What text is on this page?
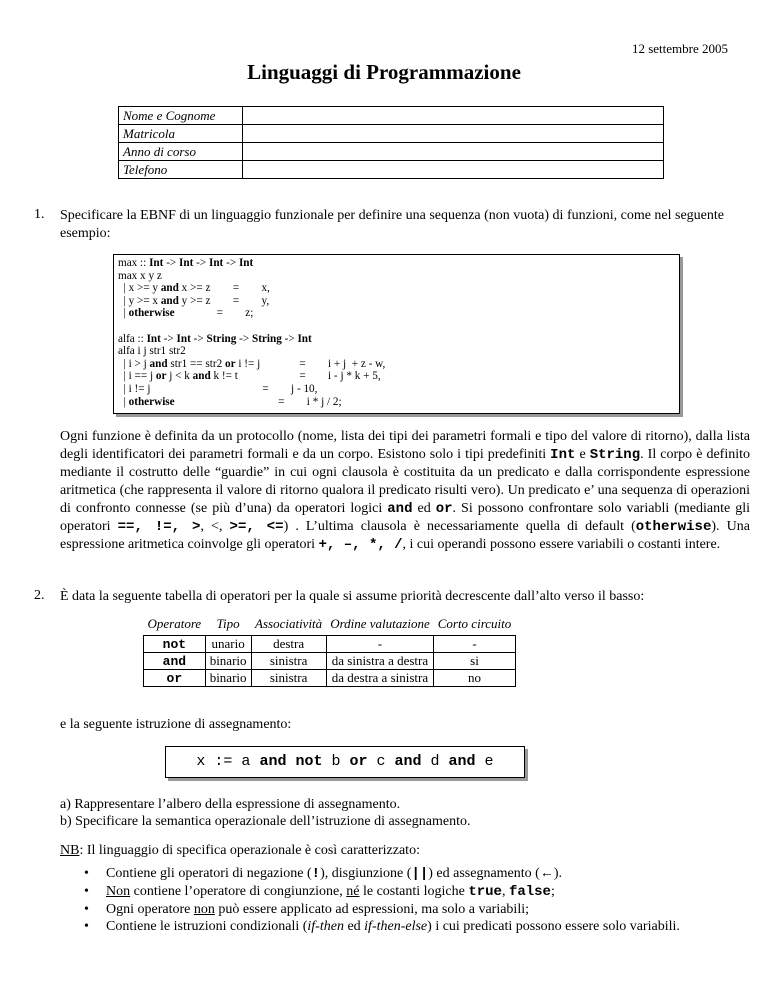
12 settembre 2005
Linguaggi di Programmazione
Nome e Cognome	
Matricola	
Anno di corso	
Telefono	
1. Specificare la EBNF di un linguaggio funzionale per definire una sequenza (non vuota) di funzioni, come nel seguente esempio:
max :: Int -> Int -> Int -> Int
max x y z
| x >= y and x >= z        =        x,
| y >= x and y >= z        =        y,
| otherwise               =        z;
alfa :: Int -> Int -> String -> String -> Int
alfa i j str1 str2
| i > j and str1 == str2 or i != j              =        i + j  + z - w,
| i == j or j < k and k != t                      =        i - j * k + 5,
| i != j                                        =        j - 10,
| otherwise                                     =        i * j / 2;
Ogni funzione è definita da un protocollo (nome, lista dei tipi dei parametri formali e tipo del valore di ritorno), dalla lista degli identificatori dei parametri formali e da un corpo. Esistono solo i tipi predefiniti Int e String. Il corpo è definito mediante il costrutto delle “guardie” in cui ogni clausola è costituita da un predicato e dalla corrispondente espressione aritmetica (che rappresenta il valore di ritorno qualora il predicato risulti vero). Un predicato e’ una sequenza di operazioni di confronto connesse (se più d’una) da operatori logici and ed or. Si possono confrontare solo variabli (mediante gli operatori ==, !=, >, <, >=, <=) . L’ultima clausola è necessariamente quella di default (otherwise). Una espressione aritmetica coinvolge gli operatori +, –, *, /, i cui operandi possono essere variabili o costanti intere.
2. È data la seguente tabella di operatori per la quale si assume priorità decrescente dall’alto verso il basso:
Operatore	Tipo	Associatività	Ordine valutazione	Corto circuito
not	unario	destra	-	-
and	binario	sinistra	da sinistra a destra	si
or	binario	sinistra	da destra a sinistra	no
e la seguente istruzione di assegnamento:
x := a and not b or c and d and e
a) Rappresentare l’albero della espressione di assegnamento.
b) Specificare la semantica operazionale dell’istruzione di assegnamento.
NB: Il linguaggio di specifica operazionale è così caratterizzato:
• Contiene gli operatori di negazione (!), disgiunzione (||) ed assegnamento (←).
• Non contiene l’operatore di congiunzione, né le costanti logiche true, false;
• Ogni operatore non può essere applicato ad espressioni, ma solo a variabili;
• Contiene le istruzioni condizionali (if-then ed if-then-else) i cui predicati possono essere solo variabili.
